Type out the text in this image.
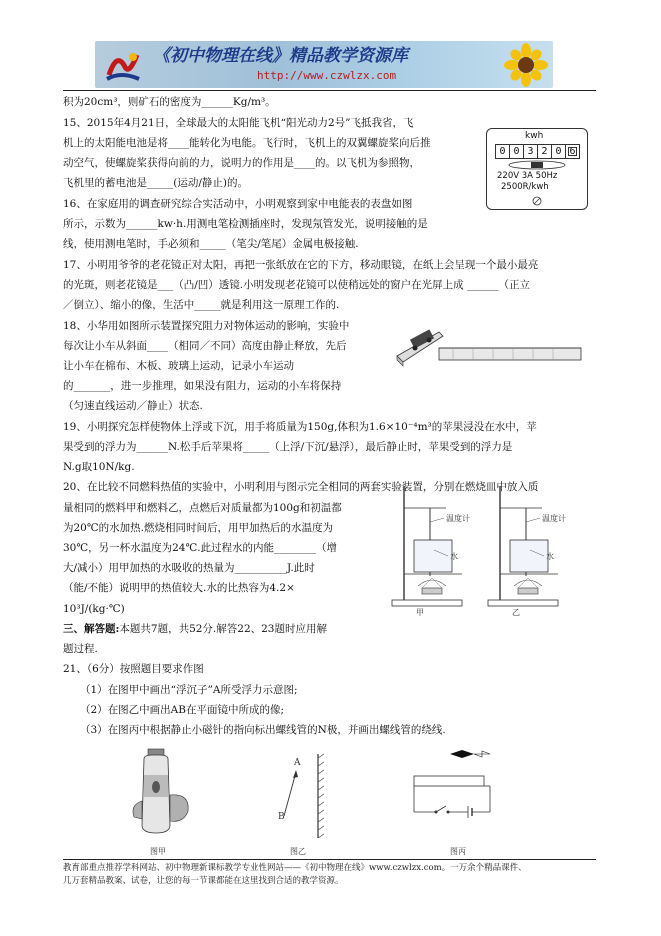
《初中物理在线》精品教学资源库
http://www.czwlzx.com
积为20cm³，则矿石的密度为______Kg/m³。
15、2015年4月21日，全球最大的太阳能飞机“阳光动力2号”飞抵我省，飞
机上的太阳能电池是将____能转化为电能。飞行时，飞机上的双翼螺旋桨向后推
动空气，使螺旋桨获得向前的力，说明力的作用是____的。以飞机为参照物，
飞机里的蓄电池是_____(运动/静止)的。
16、在家庭用的调查研究综合实活动中，小明观察到家中电能表的表盘如图
所示，示数为______kw·h.用测电笔检测插座时，发现氖管发光，说明接触的是
线，使用测电笔时，手必须和_____（笔尖/笔尾）金属电极接触.
17、小明用爷爷的老花镜正对太阳，再把一张纸放在它的下方，移动眼镜，在纸上会呈现一个最小最亮
的光斑，则老花镜是___（凸/凹）透镜.小明发现老花镜可以使稍远处的窗户在光屏上成 ______（正立
／倒立）、缩小的像，生活中_____就是利用这一原理工作的.
18、小华用如图所示装置探究阻力对物体运动的影响，实验中
每次让小车从斜面____（相同／不同）高度由静止释放，先后
让小车在棉布、木板、玻璃上运动，记录小车运动
的_______，进一步推理，如果没有阻力，运动的小车将保持
（匀速直线运动／静止）状态.
19、小明探究怎样使物体上浮或下沉，用手将质量为150g,体积为1.6×10⁻⁴m³的苹果浸没在水中，苹
果受到的浮力为______N.松手后苹果将_____（上浮/下沉/悬浮），最后静止时，苹果受到的浮力是
N.g取10N/kg.
20、在比较不同燃料热值的实验中，小明利用与图示完全相同的两套实验装置，分别在燃烧皿中放入质
量相同的燃料甲和燃料乙，点燃后对质量都为100g和初温都
为20℃的水加热.燃烧相同时间后，用甲加热后的水温度为
30℃，另一杯水温度为24℃.此过程水的内能________（增
大/减小）用甲加热的水吸收的热量为__________J.此时
（能/不能）说明甲的热值较大.水的比热容为4.2×
10³J/(kg·℃)
三、解答题:本题共7题，共52分.解答22、23题时应用解
题过程.
21、（6分）按照题目要求作图
（1）在图甲中画出“浮沉子”A所受浮力示意图;
（2）在图乙中画出AB在平面镜中所成的像;
（3）在图丙中根据静止小磁针的指向标出螺线管的N极，并画出螺线管的绕线.
kwh
0 0 3 2 0 6
220V 3A 50Hz
2500R/kwh
温度计
水
温度计
水
甲	乙
A
B
图甲	图乙	图丙
教育部重点推荐学科网站、初中物理新课标教学专业性网站——《初中物理在线》www.czwlzx.com。一万余个精品课件、
几万套精品教案、试卷，让您的每一节课都能在这里找到合适的教学资源。
